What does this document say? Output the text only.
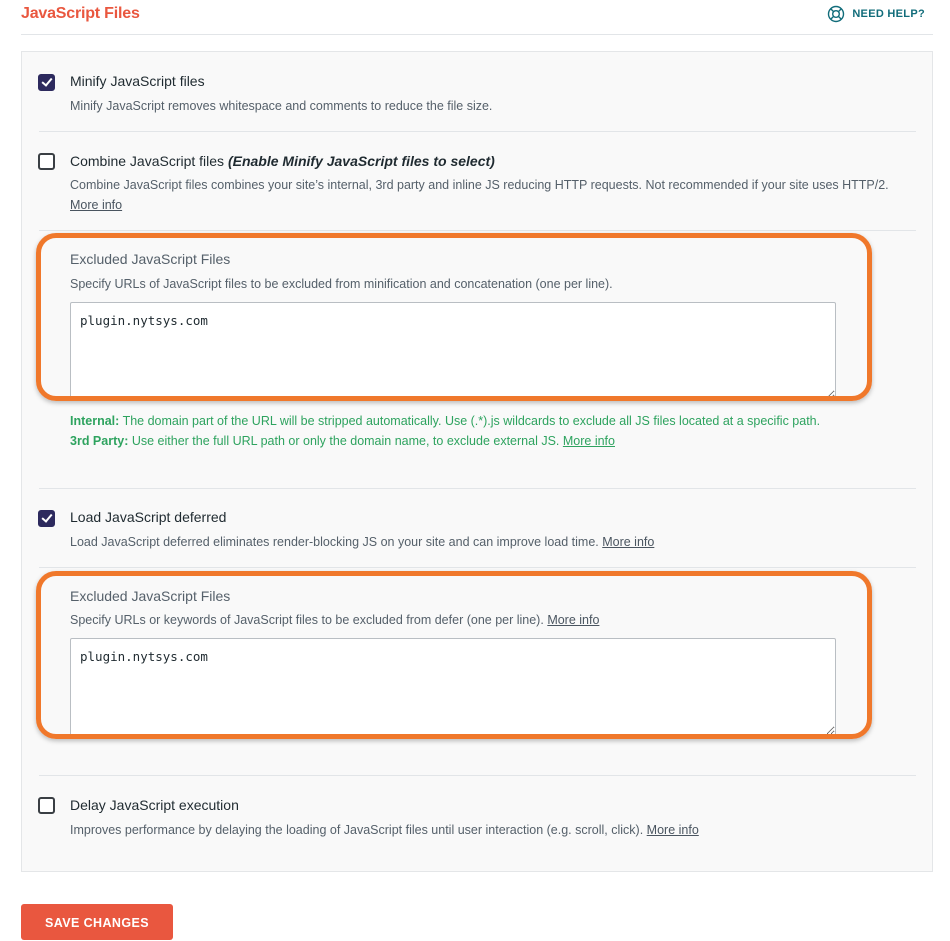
JavaScript Files	NEED HELP?
Minify JavaScript files
Minify JavaScript removes whitespace and comments to reduce the file size.
Combine JavaScript files (Enable Minify JavaScript files to select)
Combine JavaScript files combines your site’s internal, 3rd party and inline JS reducing HTTP requests. Not recommended if your site uses HTTP/2. More info
Excluded JavaScript Files
Specify URLs of JavaScript files to be excluded from minification and concatenation (one per line).
plugin.nytsys.com
Internal: The domain part of the URL will be stripped automatically. Use (.*).js wildcards to exclude all JS files located at a specific path.
3rd Party: Use either the full URL path or only the domain name, to exclude external JS. More info
Load JavaScript deferred
Load JavaScript deferred eliminates render-blocking JS on your site and can improve load time. More info
Excluded JavaScript Files
Specify URLs or keywords of JavaScript files to be excluded from defer (one per line). More info
plugin.nytsys.com
Delay JavaScript execution
Improves performance by delaying the loading of JavaScript files until user interaction (e.g. scroll, click). More info
SAVE CHANGES
